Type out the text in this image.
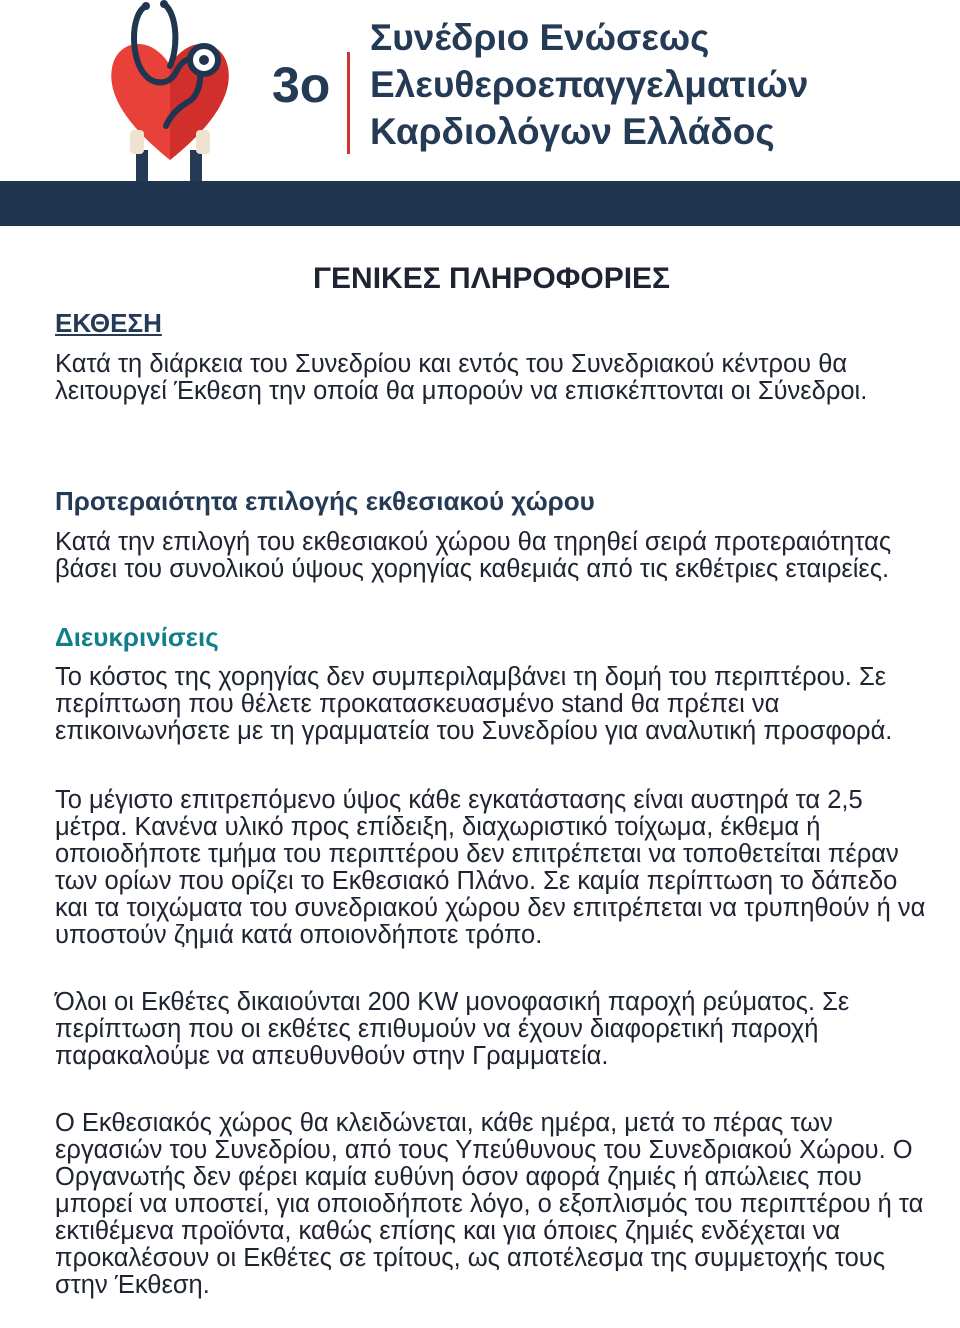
3ο
Συνέδριο Ενώσεως
Ελευθεροεπαγγελματιών
Καρδιολόγων Ελλάδος
ΓΕΝΙΚΕΣ ΠΛΗΡΟΦΟΡΙΕΣ
ΕΚΘΕΣΗ
Κατά τη διάρκεια του Συνεδρίου και εντός του Συνεδριακού κέντρου θα λειτουργεί Έκθεση την οποία θα μπορούν να επισκέπτονται οι Σύνεδροι.
Προτεραιότητα επιλογής εκθεσιακού χώρου
Κατά την επιλογή του εκθεσιακού χώρου θα τηρηθεί σειρά προτεραιότητας βάσει του συνολικού ύψους χορηγίας καθεμιάς από τις εκθέτριες εταιρείες.
Διευκρινίσεις
Το κόστος της χορηγίας δεν συμπεριλαμβάνει τη δομή του περιπτέρου. Σε περίπτωση που θέλετε προκατασκευασμένο stand θα πρέπει να επικοινωνήσετε με τη γραμματεία του Συνεδρίου για αναλυτική προσφορά.
Το μέγιστο επιτρεπόμενο ύψος κάθε εγκατάστασης είναι αυστηρά τα 2,5 μέτρα. Κανένα υλικό προς επίδειξη, διαχωριστικό τοίχωμα, έκθεμα ή οποιοδήποτε τμήμα του περιπτέρου δεν επιτρέπεται να τοποθετείται πέραν των ορίων που ορίζει το Εκθεσιακό Πλάνο. Σε καμία περίπτωση το δάπεδο και τα τοιχώματα του συνεδριακού χώρου δεν επιτρέπεται να τρυπηθούν ή να υποστούν ζημιά κατά οποιονδήποτε τρόπο.
Όλοι οι Εκθέτες δικαιούνται 200 KW μονοφασική παροχή ρεύματος. Σε περίπτωση που οι εκθέτες επιθυμούν να έχουν διαφορετική παροχή παρακαλούμε να απευθυνθούν στην Γραμματεία.
Ο Εκθεσιακός χώρος θα κλειδώνεται, κάθε ημέρα, μετά το πέρας των εργασιών του Συνεδρίου, από τους Υπεύθυνους του Συνεδριακού Χώρου. Ο Οργανωτής δεν φέρει καμία ευθύνη όσον αφορά ζημιές ή απώλειες που μπορεί να υποστεί, για οποιοδήποτε λόγο, ο εξοπλισμός του περιπτέρου ή τα εκτιθέμενα προϊόντα, καθώς επίσης και για όποιες ζημιές ενδέχεται να προκαλέσουν οι Εκθέτες σε τρίτους, ως αποτέλεσμα της συμμετοχής τους στην Έκθεση.
